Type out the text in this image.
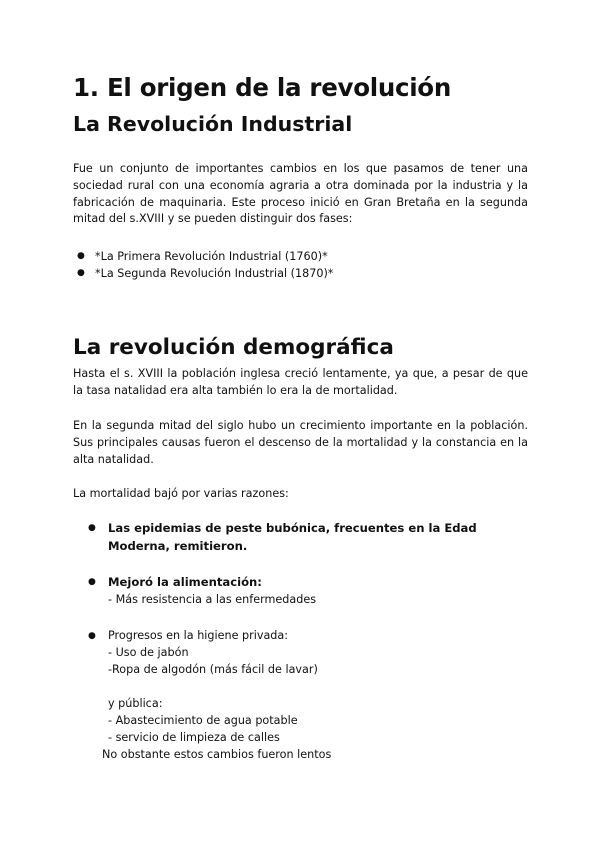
1. El origen de la revolución
La Revolución Industrial

Fue un conjunto de importantes cambios en los que pasamos de tener una sociedad rural con una economía agraria a otra dominada por la industria y la fabricación de maquinaria. Este proceso inició en Gran Bretaña en la segunda mitad del s.XVIII y se pueden distinguir dos fases:

● *La Primera Revolución Industrial (1760)*
● *La Segunda Revolución Industrial (1870)*
La revolución demográfica

Hasta el s. XVIII la población inglesa creció lentamente, ya que, a pesar de que la tasa natalidad era alta también lo era la de mortalidad.

En la segunda mitad del siglo hubo un crecimiento importante en la población. Sus principales causas fueron el descenso de la mortalidad y la constancia en la alta natalidad.

La mortalidad bajó por varias razones:

● Las epidemias de peste bubónica, frecuentes en la Edad Moderna, remitieron.
● Mejoró la alimentación:
- Más resistencia a las enfermedades
● Progresos en la higiene privada:
- Uso de jabón
-Ropa de algodón (más fácil de lavar)
y pública:
- Abastecimiento de agua potable
- servicio de limpieza de calles
No obstante estos cambios fueron lentos
